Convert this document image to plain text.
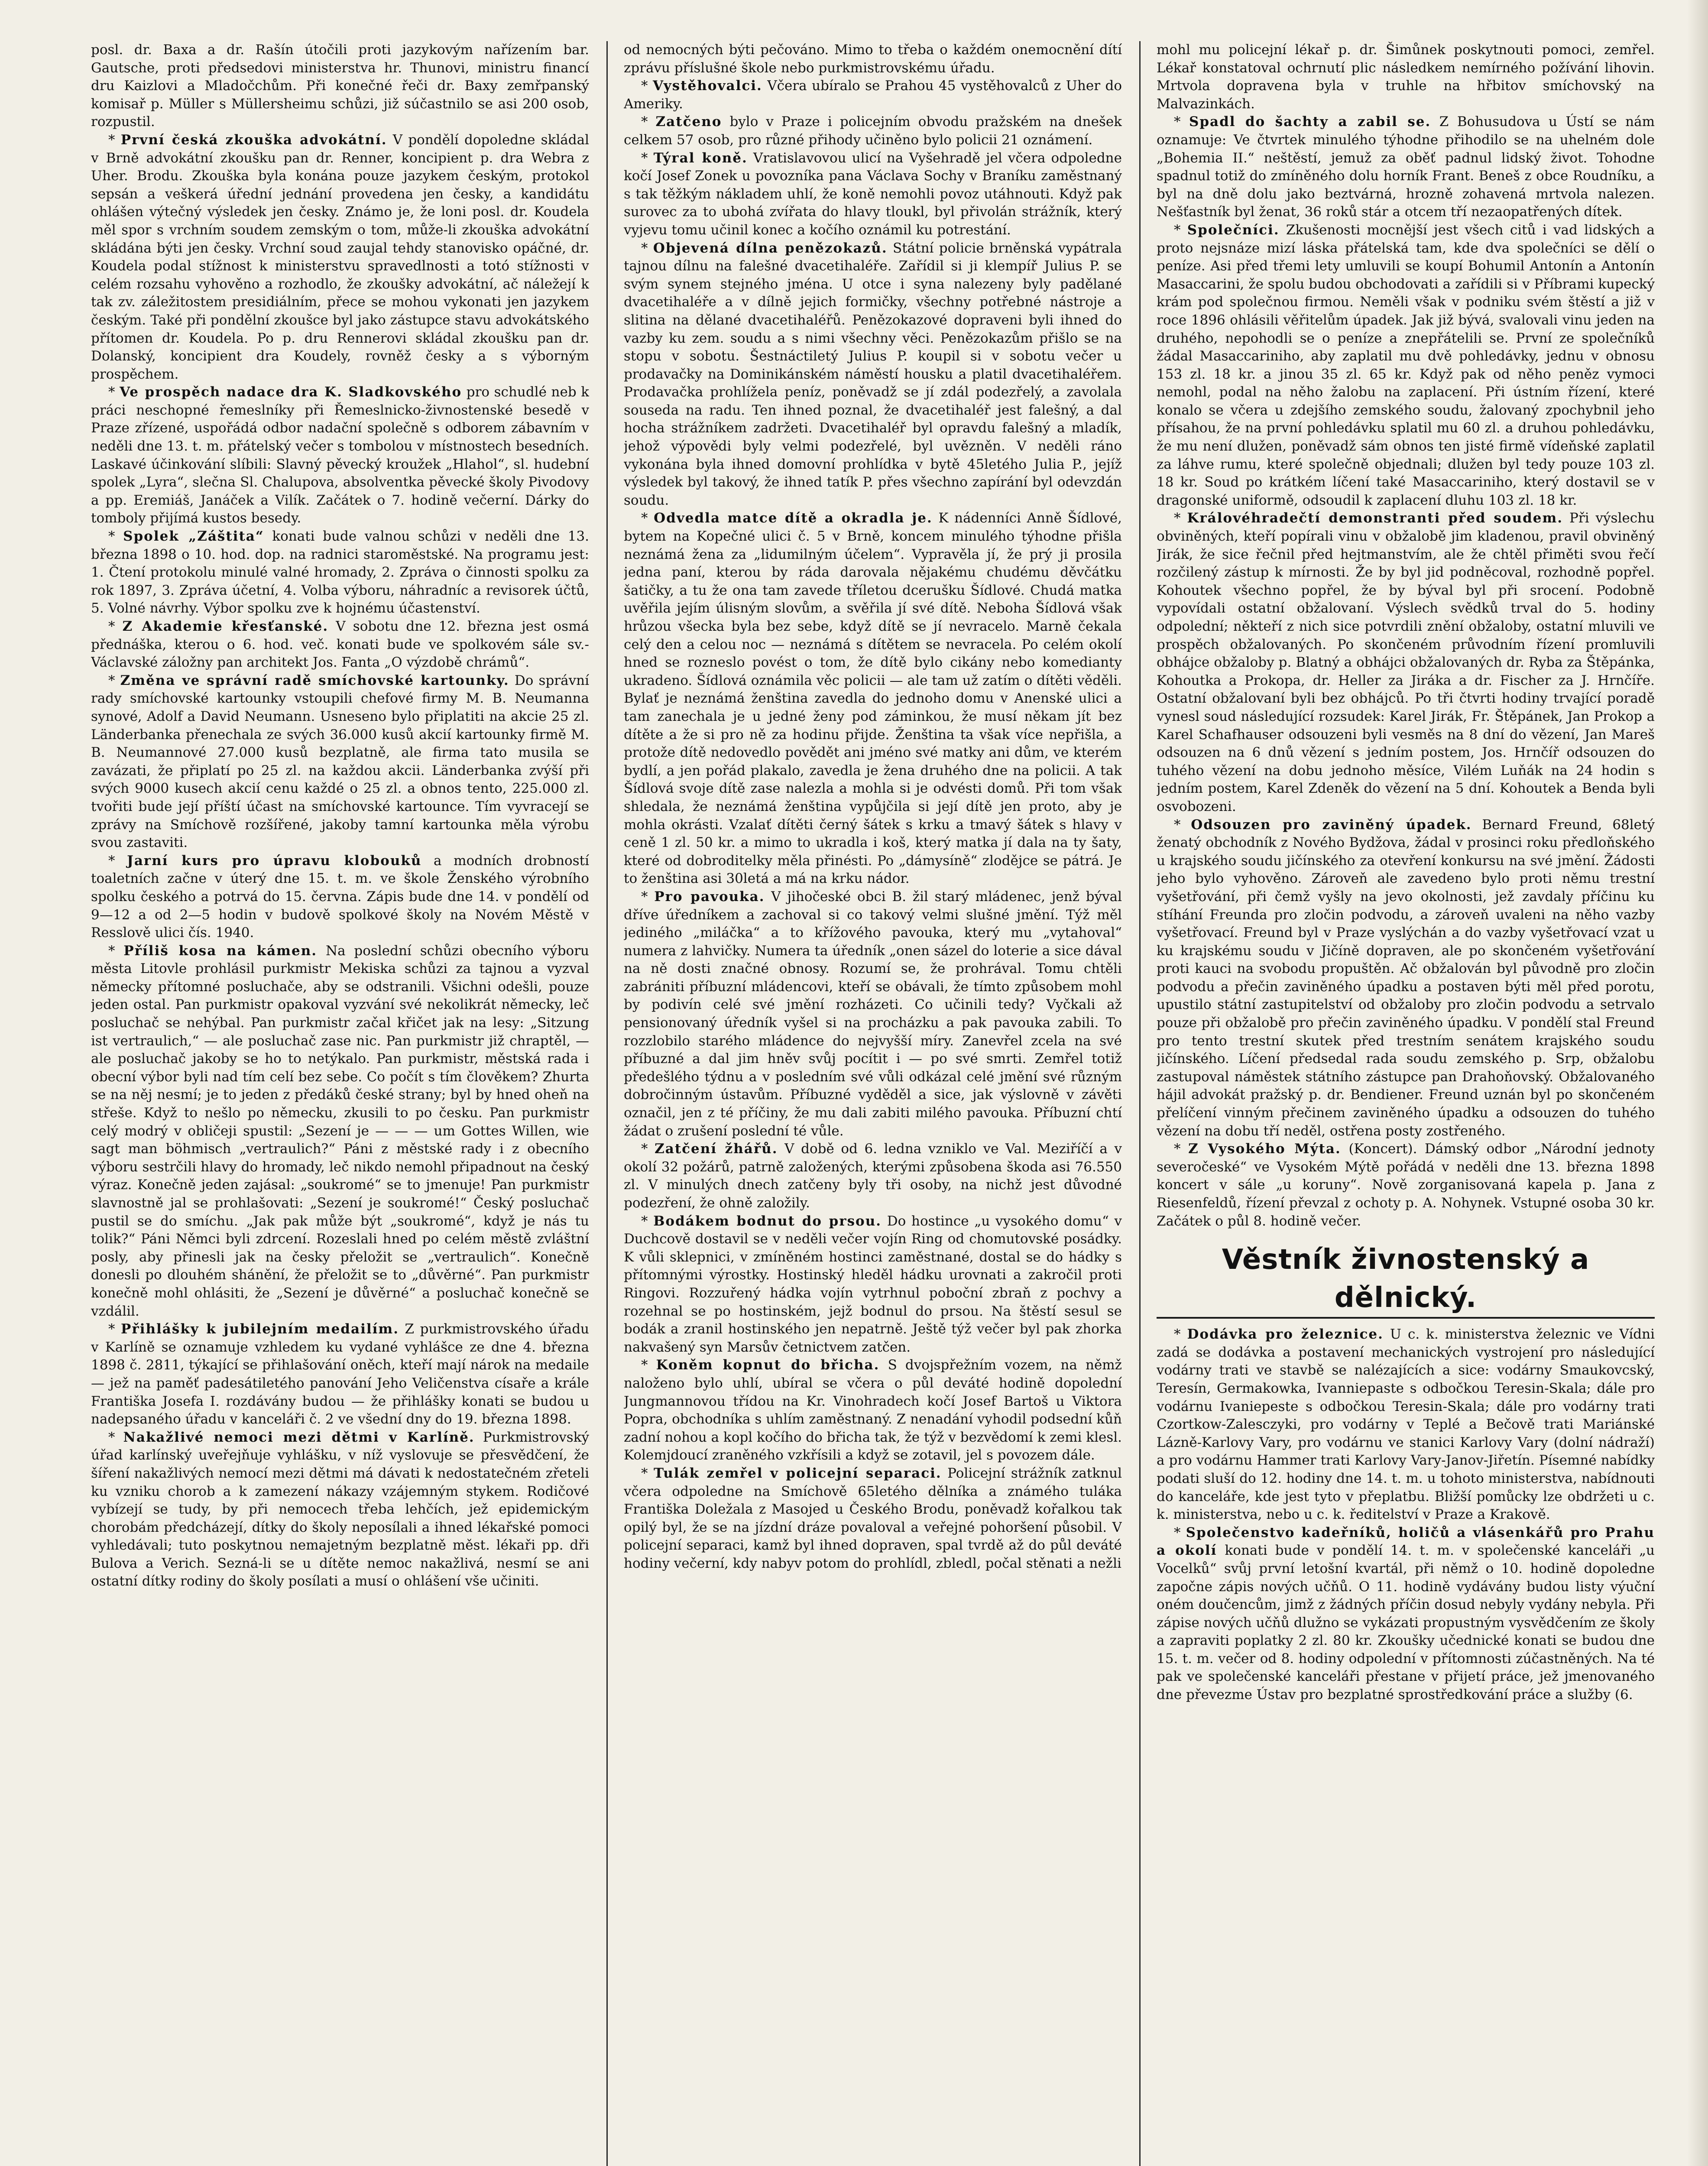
posl. dr. Baxa a dr. Rašín útočili proti jazykovým nařízením bar. Gautsche, proti předsedovi ministerstva hr. Thunovi, ministru financí dru Kaizlovi a Mladočchům. Při konečné řeči dr. Baxy zemřpanský komisař p. Müller s Müllersheimu schůzi, již súčastnilo se asi 200 osob, rozpustil.

* První česká zkouška advokátní. V pondělí dopoledne skládal v Brně advokátní zkoušku pan dr. Renner, koncipient p. dra Webra z Uher. Brodu. Zkouška byla konána pouze jazykem českým, protokol sepsán a veškerá úřední jednání provedena jen česky, a kandidátu ohlášen výtečný výsledek jen česky. Známo je, že loni posl. dr. Koudela měl spor s vrchním soudem zemským o tom, může-li zkouška advokátní skládána býti jen česky. Vrchní soud zaujal tehdy stanovisko opáčné, dr. Koudela podal stížnost k ministerstvu spravedlnosti a totó stížnosti v celém rozsahu vyhověno a rozhodlo, že zkoušky advokátní, ač náležejí k tak zv. záležitostem presidiálním, přece se mohou vykonati jen jazykem českým. Také při pondělní zkoušce byl jako zástupce stavu advokátského přítomen dr. Koudela. Po p. dru Rennerovi skládal zkoušku pan dr. Dolanský, koncipient dra Koudely, rovněž česky a s výborným prospěchem.

* Ve prospěch nadace dra K. Sladkovského pro schudlé neb k práci neschopné řemeslníky při Řemeslnicko-živnostenské besedě v Praze zřízené, uspořádá odbor nadační společně s odborem zábavním v neděli dne 13. t. m. přátelský večer s tombolou v místnostech besedních. Laskavé účinkování slíbili: Slavný pěvecký kroužek „Hlahol“, sl. hudební spolek „Lyra“, slečna Sl. Chalupova, absolventka pěvecké školy Pivodovy a pp. Eremiáš, Janáček a Vilík. Začátek o 7. hodině večerní. Dárky do tomboly přijímá kustos besedy.

* Spolek „Záštita“ konati bude valnou schůzi v neděli dne 13. března 1898 o 10. hod. dop. na radnici staroměstské. Na programu jest: 1. Čtení protokolu minulé valné hromady, 2. Zpráva o činnosti spolku za rok 1897, 3. Zpráva účetní, 4. Volba výboru, náhradníc a revisorek účtů, 5. Volné návrhy. Výbor spolku zve k hojnému účastenství.

* Z Akademie křesťanské. V sobotu dne 12. března jest osmá přednáška, kterou o 6. hod. več. konati bude ve spolkovém sále sv.-Václavské záložny pan architekt Jos. Fanta „O výzdobě chrámů“.

* Změna ve správní radě smíchovské kartounky. Do správní rady smíchovské kartounky vstoupili chefové firmy M. B. Neumanna synové, Adolf a David Neumann. Usneseno bylo připlatiti na akcie 25 zl. Länderbanka přenechala ze svých 36.000 kusů akcií kartounky firmě M. B. Neumannové 27.000 kusů bezplatně, ale firma tato musila se zavázati, že připlatí po 25 zl. na každou akcii. Länderbanka zvýší při svých 9000 kusech akcií cenu každé o 25 zl. a obnos tento, 225.000 zl. tvořiti bude její příští účast na smíchovské kartounce. Tím vyvracejí se zprávy na Smíchově rozšířené, jakoby tamní kartounka měla výrobu svou zastaviti.

* Jarní kurs pro úpravu klobouků a modních drobností toaletních začne v úterý dne 15. t. m. ve škole Ženského výrobního spolku českého a potrvá do 15. června. Zápis bude dne 14. v pondělí od 9—12 a od 2—5 hodin v budově spolkové školy na Novém Městě v Resslově ulici čís. 1940.

* Příliš kosa na kámen. Na poslední schůzi obecního výboru města Litovle prohlásil purkmistr Mekiska schůzi za tajnou a vyzval německy přítomné posluchače, aby se odstranili. Všichni odešli, pouze jeden ostal. Pan purkmistr opakoval vyzvání své nekolikrát německy, leč posluchač se nehýbal. Pan purkmistr začal křičet jak na lesy: „Sitzung ist vertraulich,“ — ale posluchač zase nic. Pan purkmistr již chraptěl, — ale posluchač jakoby se ho to netýkalo. Pan purkmistr, městská rada i obecní výbor byli nad tím celí bez sebe. Co počít s tím člověkem? Zhurta se na něj nesmí; je to jeden z předáků české strany; byl by hned oheň na střeše. Když to nešlo po německu, zkusili to po česku. Pan purkmistr celý modrý v obličeji spustil: „Sezení je — — — um Gottes Willen, wie sagt man böhmisch „vertraulich?“ Páni z městské rady i z obecního výboru sestrčili hlavy do hromady, leč nikdo nemohl připadnout na český výraz. Konečně jeden zajásal: „soukromé“ se to jmenuje! Pan purkmistr slavnostně jal se prohlašovati: „Sezení je soukromé!“ Český posluchač pustil se do smíchu. „Jak pak může být „soukromé“, když je nás tu tolik?“ Páni Němci byli zdrcení. Rozeslali hned po celém městě zvláštní posly, aby přinesli jak na česky přeložit se „vertraulich“. Konečně donesli po dlouhém shánění, že přeložit se to „důvěrné“. Pan purkmistr konečně mohl ohlásiti, že „Sezení je důvěrné“ a posluchač konečně se vzdálil.

* Přihlášky k jubilejním medailím. Z purkmistrovského úřadu v Karlíně se oznamuje vzhledem ku vydané vyhlášce ze dne 4. března 1898 č. 2811, týkající se přihlašování oněch, kteří mají nárok na medaile — jež na paměť padesátiletého panování Jeho Veličenstva císaře a krále Františka Josefa I. rozdávány budou — že přihlášky konati se budou u nadepsaného úřadu v kanceláři č. 2 ve všední dny do 19. března 1898.

* Nakažlivé nemoci mezi dětmi v Karlíně. Purkmistrovský úřad karlínský uveřejňuje vyhlášku, v níž vyslovuje se přesvědčení, že šíření nakažlivých nemocí mezi dětmi má dávati k nedostatečném zřeteli ku vzniku chorob a k zamezení nákazy vzájemným stykem. Rodičové vybízejí se tudy, by při nemocech třeba lehčích, jež epidemickým chorobám předcházejí, dítky do školy neposílali a ihned lékařské pomoci vyhledávali; tuto poskytnou nemajetným bezplatně měst. lékaři pp. dři Bulova a Verich. Sezná-li se u dítěte nemoc nakažlivá, nesmí se ani ostatní dítky rodiny do školy posílati a musí o ohlášení vše učiniti.

od nemocných býti pečováno. Mimo to třeba o každém onemocnění dítí zprávu příslušné škole nebo purkmistrovskému úřadu.

* Vystěhovalci. Včera ubíralo se Prahou 45 vystěhovalců z Uher do Ameriky.

* Zatčeno bylo v Praze i policejním obvodu pražském na dnešek celkem 57 osob, pro různé přihody učiněno bylo policii 21 oznámení.

* Týral koně. Vratislavovou ulicí na Vyšehradě jel včera odpoledne kočí Josef Zonek u povozníka pana Václava Sochy v Braníku zaměstnaný s tak těžkým nákladem uhlí, že koně nemohli povoz utáhnouti. Když pak surovec za to ubohá zvířata do hlavy tloukl, byl přivolán strážník, který vyjevu tomu učinil konec a kočího oznámil ku potrestání.

* Objevená dílna penězokazů. Státní policie brněnská vypátrala tajnou dílnu na falešné dvacetihaléře. Zařídil si ji klempíř Julius P. se svým synem stejného jména. U otce i syna nalezeny byly padělané dvacetihaléře a v dílně jejich formičky, všechny potřebné nástroje a slitina na dělané dvacetihaléřů. Penězokazové dopraveni byli ihned do vazby ku zem. soudu a s nimi všechny věci. Penězokazům přišlo se na stopu v sobotu. Šestnáctiletý Julius P. koupil si v sobotu večer u prodavačky na Dominikánském náměstí housku a platil dvacetihaléřem. Prodavačka prohlížela peníz, poněvadž se jí zdál podezřelý, a zavolala souseda na radu. Ten ihned poznal, že dvacetihaléř jest falešný, a dal hocha strážníkem zadržeti. Dvacetihaléř byl opravdu falešný a mladík, jehož výpovědi byly velmi podezřelé, byl uvězněn. V neděli ráno vykonána byla ihned domovní prohlídka v bytě 45letého Julia P., jejíž výsledek byl takový, že ihned tatík P. přes všechno zapírání byl odevzdán soudu.

* Odvedla matce dítě a okradla je. K nádenníci Anně Šídlové, bytem na Kopečné ulici č. 5 v Brně, koncem minulého týhodne přišla neznámá žena za „lidumilným účelem“. Vypravěla jí, že prý ji prosila jedna paní, kterou by ráda darovala nějakému chudému děvčátku šatičky, a tu že ona tam zavede tříletou dcerušku Šídlové. Chudá matka uvěřila jejím úlisným slovům, a svěřila jí své dítě. Neboha Šídlová však hrůzou všecka byla bez sebe, když dítě se jí nevracelo. Marně čekala celý den a celou noc — neznámá s dítětem se nevracela. Po celém okolí hned se rozneslo povést o tom, že dítě bylo cikány nebo komedianty ukradeno. Šídlová oznámila věc policii — ale tam už zatím o dítěti věděli. Bylať je neznámá ženština zavedla do jednoho domu v Anenské ulici a tam zanechala je u jedné ženy pod záminkou, že musí někam jít bez dítěte a že si pro ně za hodinu přijde. Ženština ta však více nepřišla, a protože dítě nedovedlo povědět ani jméno své matky ani dům, ve kterém bydlí, a jen pořád plakalo, zavedla je žena druhého dne na policii. A tak Šídlová svoje dítě zase nalezla a mohla si je odvésti domů. Při tom však shledala, že neznámá ženština vypůjčila si její dítě jen proto, aby je mohla okrásti. Vzalať dítěti černý šátek s krku a tmavý šátek s hlavy v ceně 1 zl. 50 kr. a mimo to ukradla i koš, který matka jí dala na ty šaty, které od dobroditelky měla přinésti. Po „dámysíně“ zlodějce se pátrá. Je to ženština asi 30letá a má na krku nádor.

* Pro pavouka. V jihočeské obci B. žil starý mládenec, jenž býval dříve úředníkem a zachoval si co takový velmi slušné jmění. Týž měl jediného „miláčka“ a to křížového pavouka, který mu „vytahoval“ numera z lahvičky. Numera ta úředník „onen sázel do loterie a sice dával na ně dosti značné obnosy. Rozumí se, že prohrával. Tomu chtěli zabrániti příbuzní mládencovi, kteří se obávali, že tímto způsobem mohl by podivín celé své jmění rozházeti. Co učinili tedy? Vyčkali až pensionovaný úředník vyšel si na procházku a pak pavouka zabili. To rozzlobilo starého mládence do nejvyšší míry. Zanevřel zcela na své příbuzné a dal jim hněv svůj pocítit i — po své smrti. Zemřel totiž předešlého týdnu a v posledním své vůli odkázal celé jmění své různým dobročinným ústavům. Příbuzné vyděděl a sice, jak výslovně v závěti označil, jen z té příčiny, že mu dali zabiti milého pavouka. Příbuzní chtí žádat o zrušení poslední té vůle.

* Zatčení žhářů. V době od 6. ledna vzniklo ve Val. Meziříčí a v okolí 32 požárů, patrně založených, kterými způsobena škoda asi 76.550 zl. V minulých dnech zatčeny byly tři osoby, na nichž jest důvodné podezření, že ohně založily.

* Bodákem bodnut do prsou. Do hostince „u vysokého domu“ v Duchcově dostavil se v neděli večer vojín Ring od chomutovské posádky. K vůli sklepnici, v zmíněném hostinci zaměstnané, dostal se do hádky s přítomnými výrostky. Hostinský hleděl hádku urovnati a zakročil proti Ringovi. Rozzuřený hádka vojín vytrhnul poboční zbraň z pochvy a rozehnal se po hostinském, jejž bodnul do prsou. Na štěstí sesul se bodák a zranil hostinského jen nepatrně. Ještě týž večer byl pak zhorka nakvašený syn Marsův četnictvem zatčen.

* Koněm kopnut do břicha. S dvojspřežním vozem, na němž naloženo bylo uhlí, ubíral se včera o půl deváté hodině dopolední Jungmannovou třídou na Kr. Vinohradech kočí Josef Bartoš u Viktora Popra, obchodníka s uhlím zaměstnaný. Z nenadání vyhodil podsední kůň zadní nohou a kopl kočího do břicha tak, že týž v bezvědomí k zemi klesl. Kolemjdoucí zraněného vzkřísili a když se zotavil, jel s povozem dále.

* Tulák zemřel v policejní separaci. Policejní strážník zatknul včera odpoledne na Smíchově 65letého dělníka a známého tuláka Františka Doležala z Masojed u Českého Brodu, poněvadž kořalkou tak opilý byl, že se na jízdní dráze povaloval a veřejné pohoršení působil. V policejní separaci, kamž byl ihned dopraven, spal tvrdě až do půl deváté hodiny večerní, kdy nabyv potom do prohlídl, zbledl, počal stěnati a nežli

mohl mu policejní lékař p. dr. Šimůnek poskytnouti pomoci, zemřel. Lékař konstatoval ochrnutí plic následkem nemírného požívání lihovin. Mrtvola dopravena byla v truhle na hřbitov smíchovský na Malvazinkách.

* Spadl do šachty a zabil se. Z Bohusudova u Ústí se nám oznamuje: Ve čtvrtek minulého týhodne přihodilo se na uhelném dole „Bohemia II.“ neštěstí, jemuž za oběť padnul lidský život. Tohodne spadnul totiž do zmíněného dolu horník Frant. Beneš z obce Roudníku, a byl na dně dolu jako beztvárná, hrozně zohavená mrtvola nalezen. Nešťastník byl ženat, 36 roků stár a otcem tří nezaopatřených dítek.

* Společníci. Zkušenosti mocnější jest všech citů i vad lidských a proto nejsnáze mizí láska přátelská tam, kde dva společníci se dělí o peníze. Asi před třemi lety umluvili se koupí Bohumil Antonín a Antonín Masaccarini, že spolu budou obchodovati a zařídili si v Příbrami kupecký krám pod společnou firmou. Neměli však v podniku svém štěstí a již v roce 1896 ohlásili věřitelům úpadek. Jak již bývá, svalovali vinu jeden na druhého, nepohodli se o peníze a znepřátelili se. První ze společníků žádal Masaccariniho, aby zaplatil mu dvě pohledávky, jednu v obnosu 153 zl. 18 kr. a jinou 35 zl. 65 kr. Když pak od něho peněz vymoci nemohl, podal na něho žalobu na zaplacení. Při ústním řízení, které konalo se včera u zdejšího zemského soudu, žalovaný zpochybnil jeho přísahou, že na první pohledávku splatil mu 60 zl. a druhou pohledávku, že mu není dlužen, poněvadž sám obnos ten jisté firmě vídeňské zaplatil za láhve rumu, které společně objednali; dlužen byl tedy pouze 103 zl. 18 kr. Soud po krátkém líčení také Masaccarinihо, který dostavil se v dragonské uniformě, odsoudil k zaplacení dluhu 103 zl. 18 kr.

* Královéhradečtí demonstranti před soudem. Při výslechu obviněných, kteří popírali vinu v obžalobě jim kladenou, pravil obviněný Jirák, že sice řečnil před hejtmanstvím, ale že chtěl přiměti svou řečí rozčilený zástup k mírnosti. Že by byl jid podněcoval, rozhodně popřel. Kohoutek všechno popřel, že by býval byl při srocení. Podobně vypovídali ostatní obžalovaní. Výslech svědků trval do 5. hodiny odpolední; někteří z nich sice potvrdili znění obžaloby, ostatní mluvili ve prospěch obžalovaných. Po skončeném průvodním řízení promluvili obhájce obžaloby p. Blatný a obhájci obžalovaných dr. Ryba za Štěpánka, Kohoutka a Prokopa, dr. Heller za Jiráka a dr. Fischer za J. Hrnčíře. Ostatní obžalovaní byli bez obhájců. Po tři čtvrti hodiny trvající poradě vynesl soud následující rozsudek: Karel Jirák, Fr. Štěpánek, Jan Prokop a Karel Schafhauser odsouzeni byli vesměs na 8 dní do vězení, Jan Mareš odsouzen na 6 dnů vězení s jedním postem, Jos. Hrnčíř odsouzen do tuhého vězení na dobu jednoho měsíce, Vilém Luňák na 24 hodin s jedním postem, Karel Zdeněk do vězení na 5 dní. Kohoutek a Benda byli osvobozeni.

* Odsouzen pro zaviněný úpadek. Bernard Freund, 68letý ženatý obchodník z Nového Bydžova, žádal v prosinci roku předloňského u krajského soudu jičínského za otevření konkursu na své jmění. Žádosti jeho bylo vyhověno. Zároveň ale zavedeno bylo proti němu trestní vyšetřování, při čemž vyšly na jevo okolnosti, jež zavdaly příčinu ku stíhání Freunda pro zločin podvodu, a zároveň uvaleni na něho vazby vyšetřovací. Freund byl v Praze vyslýchán a do vazby vyšetřovací vzat u ku krajskému soudu v Jičíně dopraven, ale po skončeném vyšetřování proti kauci na svobodu propuštěn. Ač obžalován byl původně pro zločin podvodu a přečin zaviněného úpadku a postaven býti měl před porotu, upustilo státní zastupitelství od obžaloby pro zločin podvodu a setrvalo pouze při obžalobě pro přečin zaviněného úpadku. V pondělí stal Freund pro tento trestní skutek před trestním senátem krajského soudu jičínského. Líčení předsedal rada soudu zemského p. Srp, obžalobu zastupoval náměstek státního zástupce pan Drahoňovský. Obžalovaného hájil advokát pražský p. dr. Bendiener. Freund uznán byl po skončeném přelíčení vinným přečinem zaviněného úpadku a odsouzen do tuhého vězení na dobu tří neděl, ostřena posty zostřeného.

* Z Vysokého Mýta. (Koncert). Dámský odbor „Národní jednoty severočeské“ ve Vysokém Mýtě pořádá v neděli dne 13. března 1898 koncert v sále „u koruny“. Nově zorganisovaná kapela p. Jana z Riesenfeldů, řízení převzal z ochoty p. A. Nohynek. Vstupné osoba 30 kr. Začátek o půl 8. hodině večer.

Věstník živnostenský a dělnický.

* Dodávka pro železnice. U c. k. ministerstva železnic ve Vídni zadá se dodávka a postavení mechanických vystrojení pro následující vodárny trati ve stavbě se nalézajících a sice: vodárny Smaukovcský, Teresín, Germakowka, Ivanniepaste s odbočkou Teresin-Skala; dále pro vodárnu Ivaniepeste s odbočkou Teresin-Skala; dále pro vodárny trati Czortkow-Zalesczyki, pro vodárny v Teplé a Bečově trati Mariánské Lázně-Karlovy Vary, pro vodárnu ve stanici Karlovy Vary (dolní nádraží) a pro vodárnu Hammer trati Karlovy Vary-Janov-Jiřetín. Písemné nabídky podati sluší do 12. hodiny dne 14. t. m. u tohoto ministerstva, nabídnouti do kanceláře, kde jest tyto v přeplatbu. Bližší pomůcky lze obdržeti u c. k. ministerstva, nebo u c. k. ředitelství v Praze a Krakově.

* Společenstvo kadeřníků, holičů a vlásenkářů pro Prahu a okolí konati bude v pondělí 14. t. m. v společenské kanceláři „u Vocelků“ svůj první letošní kvartál, při němž o 10. hodině dopoledne započne zápis nových učňů. O 11. hodině vydávány budou listy výuční oném doučencům, jimž z žádných příčin dosud nebyly vydány nebyla. Při zápise nových učňů dlužno se vykázati propustným vysvědčením ze školy a zapraviti poplatky 2 zl. 80 kr. Zkoušky učednické konati se budou dne 15. t. m. večer od 8. hodiny odpolední v přítomnosti zúčastněných. Na té pak ve společenské kanceláři přestane v přijetí práce, jež jmenovaného dne převezme Ústav pro bezplatné sprostředkování práce a služby (6.
